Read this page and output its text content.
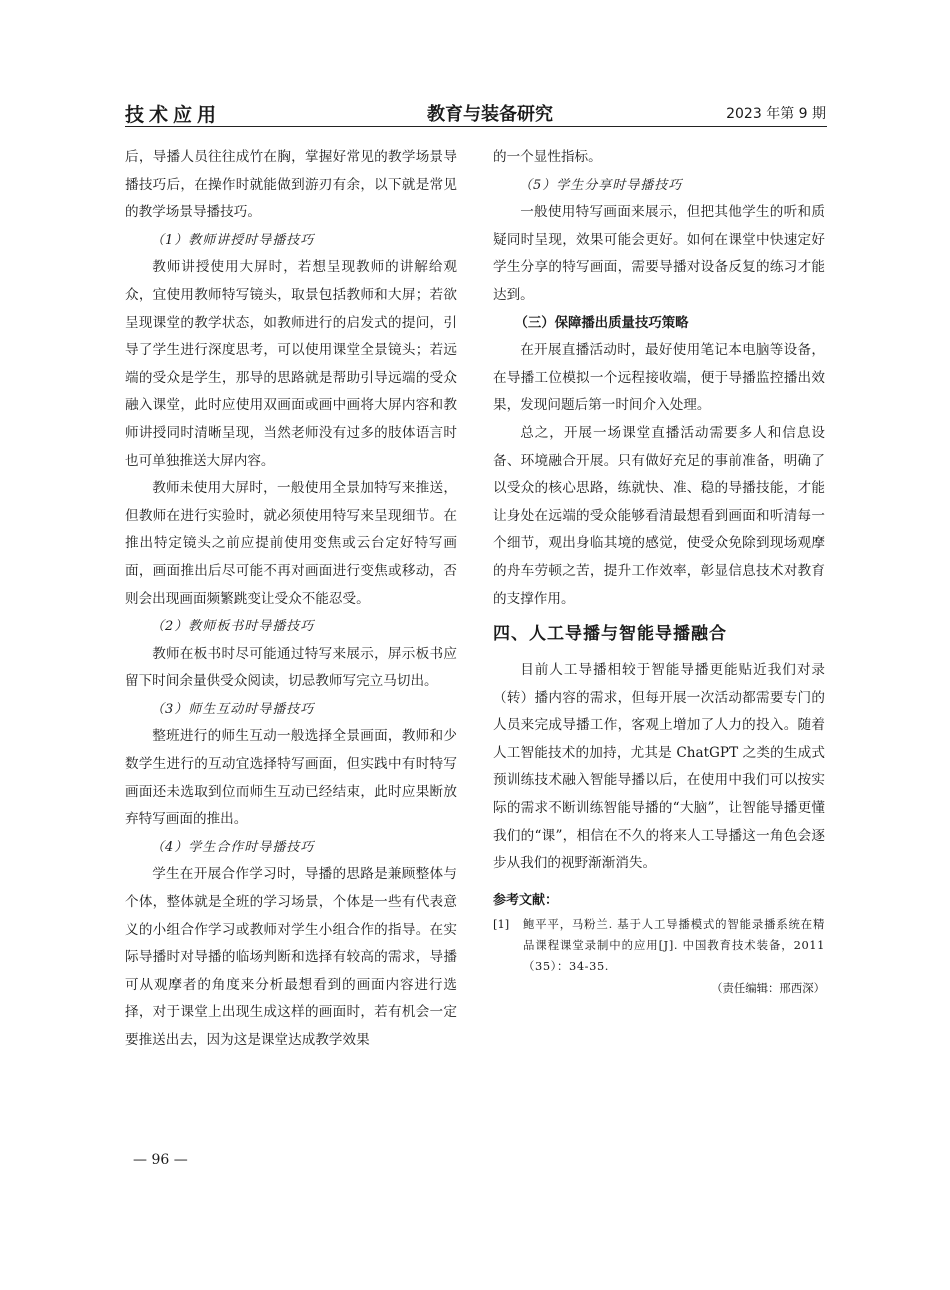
技术应用	教育与装备研究	2023 年第 9 期

后，导播人员往往成竹在胸，掌握好常见的教学场景导播技巧后，在操作时就能做到游刃有余，以下就是常见的教学场景导播技巧。

（1）教师讲授时导播技巧

教师讲授使用大屏时，若想呈现教师的讲解给观众，宜使用教师特写镜头，取景包括教师和大屏；若欲呈现课堂的教学状态，如教师进行的启发式的提问，引导了学生进行深度思考，可以使用课堂全景镜头；若远端的受众是学生，那导的思路就是帮助引导远端的受众融入课堂，此时应使用双画面或画中画将大屏内容和教师讲授同时清晰呈现，当然老师没有过多的肢体语言时也可单独推送大屏内容。

教师未使用大屏时，一般使用全景加特写来推送，但教师在进行实验时，就必须使用特写来呈现细节。在推出特定镜头之前应提前使用变焦或云台定好特写画面，画面推出后尽可能不再对画面进行变焦或移动，否则会出现画面频繁跳变让受众不能忍受。

（2）教师板书时导播技巧

教师在板书时尽可能通过特写来展示，屏示板书应留下时间余量供受众阅读，切忌教师写完立马切出。

（3）师生互动时导播技巧

整班进行的师生互动一般选择全景画面，教师和少数学生进行的互动宜选择特写画面，但实践中有时特写画面还未选取到位而师生互动已经结束，此时应果断放弃特写画面的推出。

（4）学生合作时导播技巧

学生在开展合作学习时，导播的思路是兼顾整体与个体，整体就是全班的学习场景，个体是一些有代表意义的小组合作学习或教师对学生小组合作的指导。在实际导播时对导播的临场判断和选择有较高的需求，导播可从观摩者的角度来分析最想看到的画面内容进行选择，对于课堂上出现生成这样的画面时，若有机会一定要推送出去，因为这是课堂达成教学效果

的一个显性指标。

（5）学生分享时导播技巧

一般使用特写画面来展示，但把其他学生的听和质疑同时呈现，效果可能会更好。如何在课堂中快速定好学生分享的特写画面，需要导播对设备反复的练习才能达到。

（三）保障播出质量技巧策略

在开展直播活动时，最好使用笔记本电脑等设备，在导播工位模拟一个远程接收端，便于导播监控播出效果，发现问题后第一时间介入处理。

总之，开展一场课堂直播活动需要多人和信息设备、环境融合开展。只有做好充足的事前准备，明确了以受众的核心思路，练就快、准、稳的导播技能，才能让身处在远端的受众能够看清最想看到画面和听清每一个细节，观出身临其境的感觉，使受众免除到现场观摩的舟车劳顿之苦，提升工作效率，彰显信息技术对教育的支撑作用。

四、人工导播与智能导播融合

目前人工导播相较于智能导播更能贴近我们对录（转）播内容的需求，但每开展一次活动都需要专门的人员来完成导播工作，客观上增加了人力的投入。随着人工智能技术的加持，尤其是 ChatGPT 之类的生成式预训练技术融入智能导播以后，在使用中我们可以按实际的需求不断训练智能导播的“大脑”，让智能导播更懂我们的“课”，相信在不久的将来人工导播这一角色会逐步从我们的视野渐渐消失。

参考文献：
[1]	鲍平平，马粉兰. 基于人工导播模式的智能录播系统在精品课程课堂录制中的应用[J]. 中国教育技术装备，2011（35）：34-35.
（责任编辑：邢西深）
— 96 —
